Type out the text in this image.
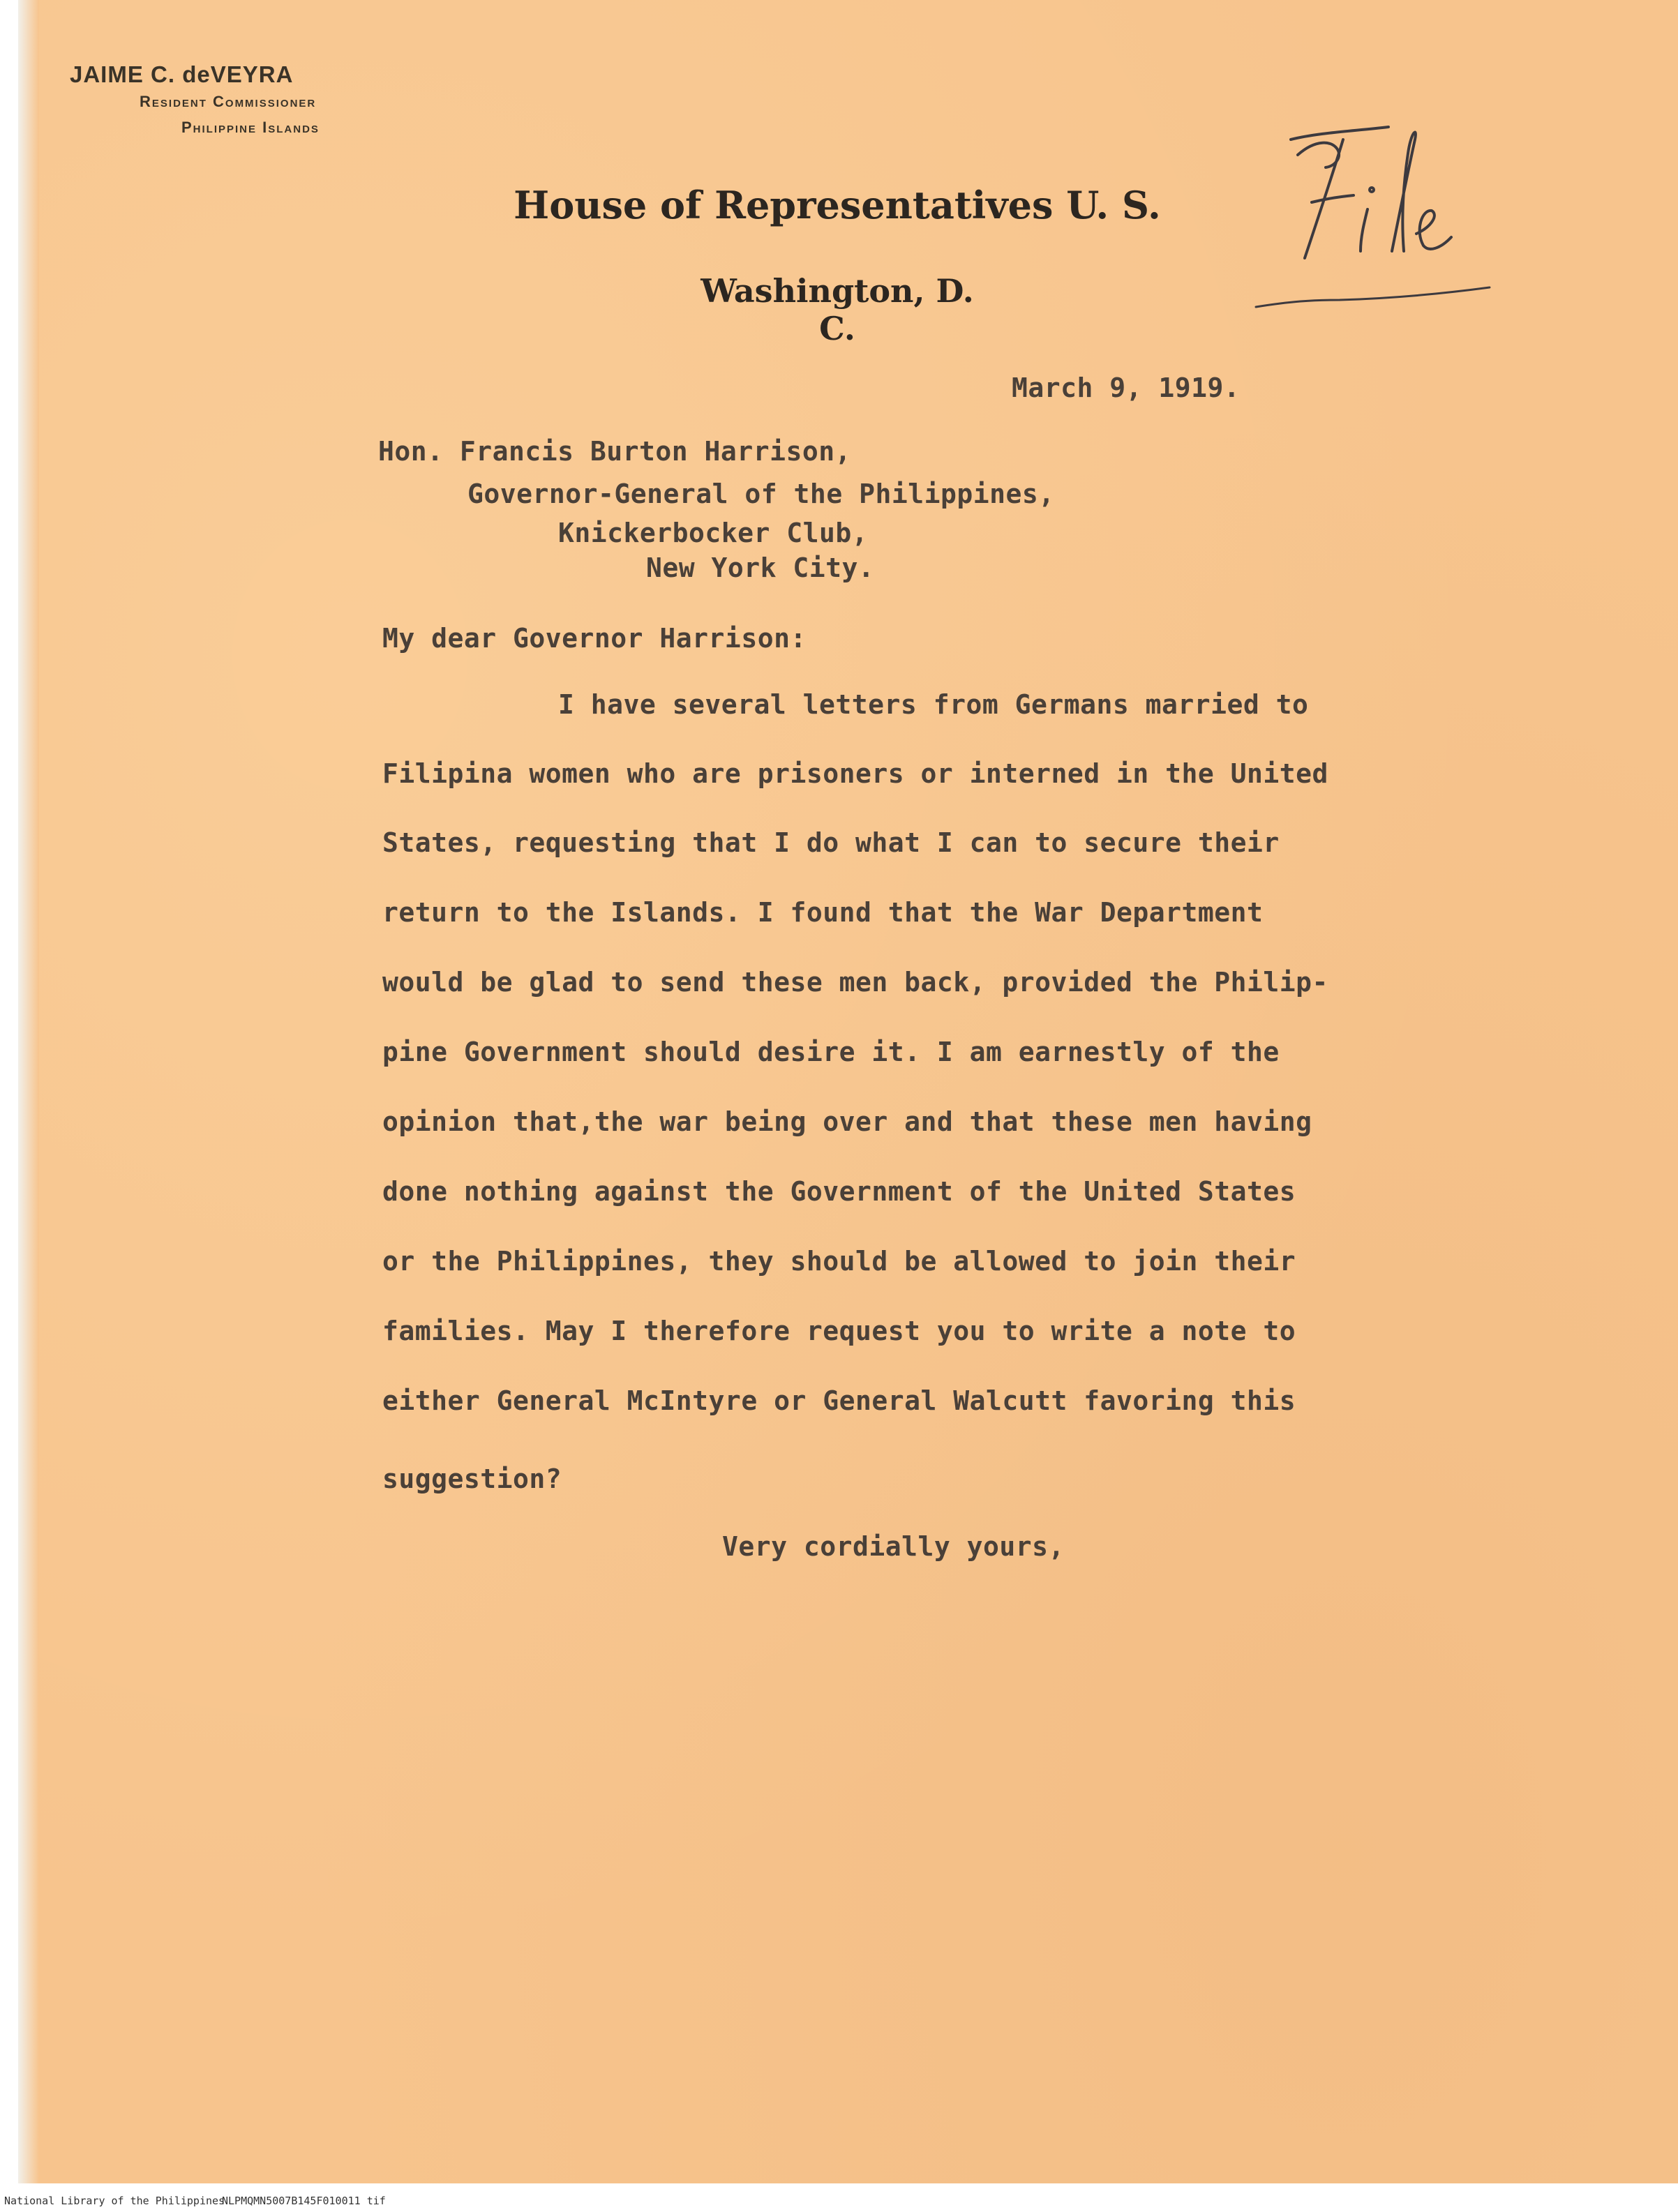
JAIME C. deVEYRA
Resident Commissioner
Philippine Islands
House of Representatives U. S.
Washington, D. C.
March 9, 1919.
Hon. Francis Burton Harrison,
Governor-General of the Philippines,
Knickerbocker Club,
New York City.
My dear Governor Harrison:
I have several letters from Germans married to
Filipina women who are prisoners or interned in the United
States, requesting that I do what I can to secure their
return to the Islands. I found that the War Department
would be glad to send these men back, provided the Philip-
pine Government should desire it. I am earnestly of the
opinion that,the war being over and that these men having
done nothing against the Government of the United States
or the Philippines, they should be allowed to join their
families. May I therefore request you to write a note to
either General McIntyre or General Walcutt favoring this
suggestion?
Very cordially yours,
National Library of the Philippines
NLPMQMN5007B145F010011 tif
